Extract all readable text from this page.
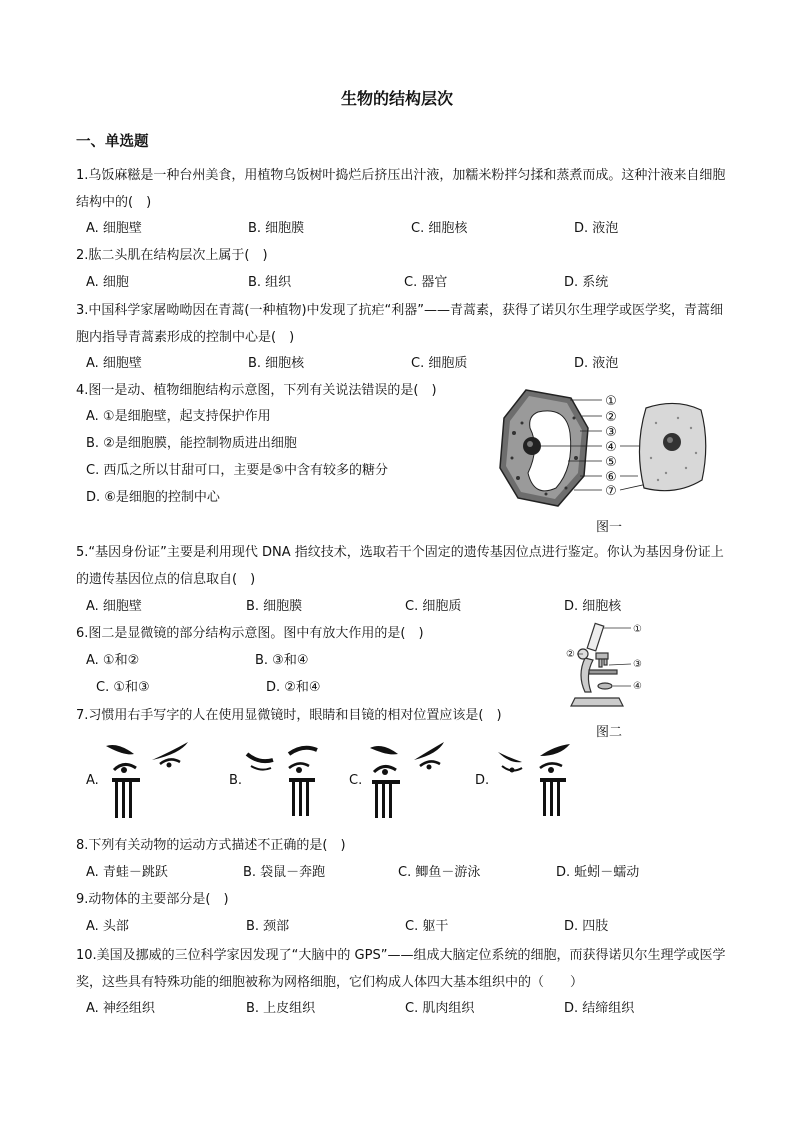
生物的结构层次
一、单选题
1.乌饭麻糍是一种台州美食，用植物乌饭树叶捣烂后挤压出汁液，加糯米粉拌匀揉和蒸煮而成。这种汁液来自细胞结构中的(　)
A. 细胞壁	B. 细胞膜	C. 细胞核	D. 液泡
2.肱二头肌在结构层次上属于(　)
A. 细胞	B. 组织	C. 器官	D. 系统
3.中国科学家屠呦呦因在青蒿(一种植物)中发现了抗疟“利器”——青蒿素，获得了诺贝尔生理学或医学奖，青蒿细胞内指导青蒿素形成的控制中心是(　)
A. 细胞壁	B. 细胞核	C. 细胞质	D. 液泡
4.图一是动、植物细胞结构示意图，下列有关说法错误的是(　)
A. ①是细胞壁，起支持保护作用
B. ②是细胞膜，能控制物质进出细胞
C. 西瓜之所以甘甜可口，主要是⑤中含有较多的糖分
D. ⑥是细胞的控制中心
①
②
③
④
⑤
⑥
⑦
图一
5.“基因身份证”主要是利用现代 DNA 指纹技术，选取若干个固定的遗传基因位点进行鉴定。你认为基因身份证上的遗传基因位点的信息取自(　)
A. 细胞壁	B. 细胞膜	C. 细胞质	D. 细胞核
6.图二是显微镜的部分结构示意图。图中有放大作用的是(　)
A. ①和②	B. ③和④
C. ①和③	D. ②和④
①
②
③
④
图二
7.习惯用右手写字的人在使用显微镜时，眼睛和目镜的相对位置应该是(　)
A.	B.	C.	D.
8.下列有关动物的运动方式描述不正确的是(　)
A. 青蛙－跳跃	B. 袋鼠－奔跑	C. 鲫鱼－游泳	D. 蚯蚓－蠕动
9.动物体的主要部分是(　)
A. 头部	B. 颈部	C. 躯干	D. 四肢
10.美国及挪威的三位科学家因发现了“大脑中的 GPS”——组成大脑定位系统的细胞，而获得诺贝尔生理学或医学奖，这些具有特殊功能的细胞被称为网格细胞，它们构成人体四大基本组织中的（　　）
A. 神经组织	B. 上皮组织	C. 肌肉组织	D. 结缔组织
